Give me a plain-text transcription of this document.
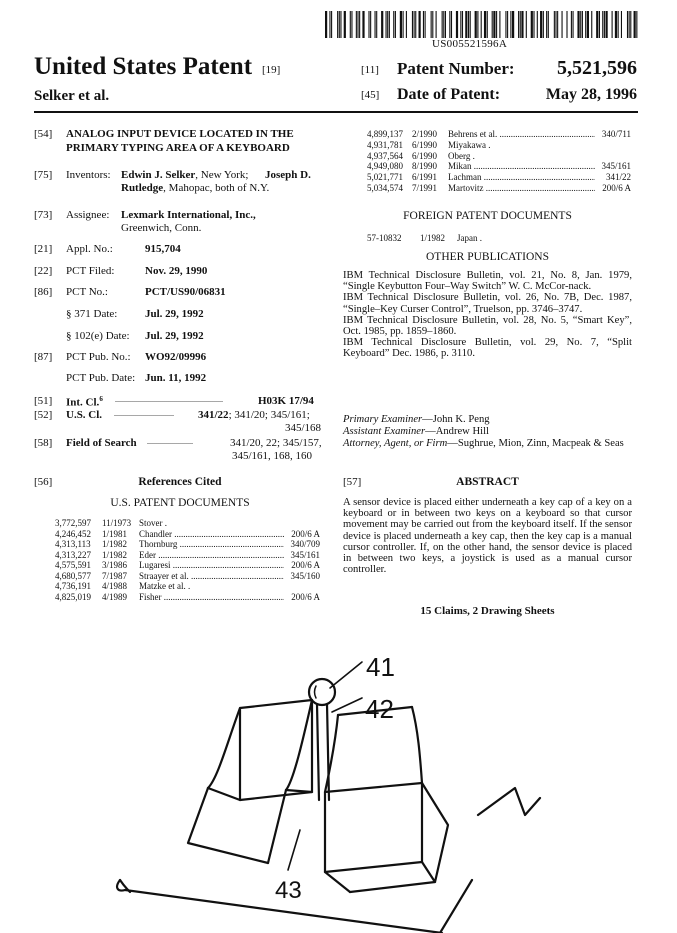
US005521596A
United States Patent [19]
Selker et al.
[11] Patent Number: 5,521,596
[45] Date of Patent:	May 28, 1996
[54] ANALOG INPUT DEVICE LOCATED IN THE
PRIMARY TYPING AREA OF A KEYBOARD
[75] Inventors: Edwin J. Selker, New York; Joseph D.
Rutledge, Mahopac, both of N.Y.
[73] Assignee: Lexmark International, Inc.,
Greenwich, Conn.
[21] Appl. No.:	915,704
[22] PCT Filed:	Nov. 29, 1990
[86] PCT No.:	PCT/US90/06831
§ 371 Date:	Jul. 29, 1992
§ 102(e) Date: Jul. 29, 1992
[87] PCT Pub. No.: WO92/09996
PCT Pub. Date: Jun. 11, 1992
[51] Int. Cl.$^6$ ......................................................	H03K 17/94
[52] U.S. Cl. .............................. 341/22; 341/20; 345/161;
345/168
[58] Field of Search .......................	341/20, 22; 345/157,
345/161, 168, 160
[56]	References Cited
U.S. PATENT DOCUMENTS
3,772,597 11/1973 Stover .
4,246,452 1/1981 Chandler .....	200/6 A
4,313,113 1/1982 Thornburg .....	340/709
4,313,227 1/1982 Eder .....	345/161
4,575,591 3/1986 Lugaresi .....	200/6 A
4,680,577 7/1987 Straayer et al. .....	345/160
4,736,191 4/1988 Matzke et al. .
4,825,019 4/1989 Fisher .....	200/6 A
4,899,137 2/1990 Behrens et al. .....	340/711
4,931,781 6/1990 Miyakawa .
4,937,564 6/1990 Oberg .
4,949,080 8/1990 Mikan .....	345/161
5,021,771 6/1991 Lachman .....	341/22
5,034,574 7/1991 Martovitz .....	200/6 A
FOREIGN PATENT DOCUMENTS
57-10832 1/1982 Japan .
OTHER PUBLICATIONS

IBM Technical Disclosure Bulletin, vol. 21, No. 8, Jan. 1979, “Single Keybutton Four–Way Switch” W. C. McCor-nack.

IBM Technical Disclosure Bulletin, vol. 26, No. 7B, Dec. 1987, “Single–Key Curser Control”, Truelson, pp. 3746–3747.

IBM Technical Disclosure Bulletin, vol. 28, No. 5, “Smart Key”, Oct. 1985, pp. 1859–1860.

IBM Technical Disclosure Bulletin, vol. 29, No. 7, “Split Keyboard” Dec. 1986, p. 3110.

Primary Examiner—John K. Peng
Assistant Examiner—Andrew Hill
Attorney, Agent, or Firm—Sughrue, Mion, Zinn, Macpeak & Seas
[57]	ABSTRACT
A sensor device is placed either underneath a key cap of a key on a keyboard or in between two keys on a keyboard so that cursor movement may be carried out from the keyboard itself. If the sensor device is placed underneath a key cap, then the key cap is a manual cursor controller. If, on the other hand, the sensor device is placed in between two keys, a joystick is used as a manual cursor controller.
15 Claims, 2 Drawing Sheets
41
42
43
